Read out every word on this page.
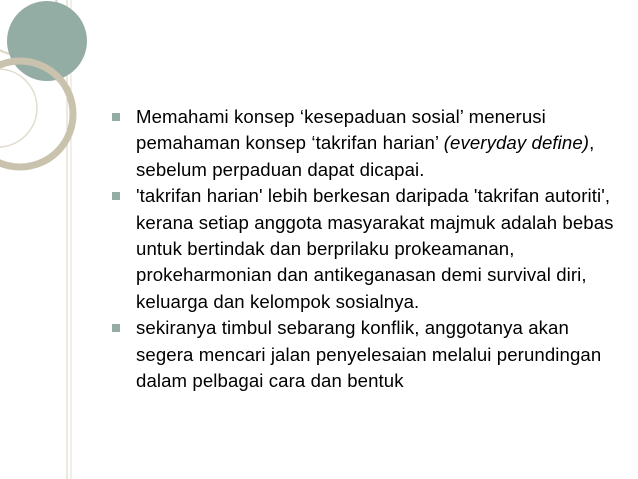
Memahami konsep ‘kesepaduan sosial’ menerusi pemahaman konsep ‘takrifan harian’ (everyday define), sebelum perpaduan dapat dicapai.
'takrifan harian' lebih berkesan daripada 'takrifan autoriti', kerana setiap anggota masyarakat majmuk adalah bebas untuk bertindak dan berprilaku prokeamanan, prokeharmonian dan antikeganasan demi survival diri, keluarga dan kelompok sosialnya.
sekiranya timbul sebarang konflik, anggotanya akan segera mencari jalan penyelesaian melalui perundingan dalam pelbagai cara dan bentuk
